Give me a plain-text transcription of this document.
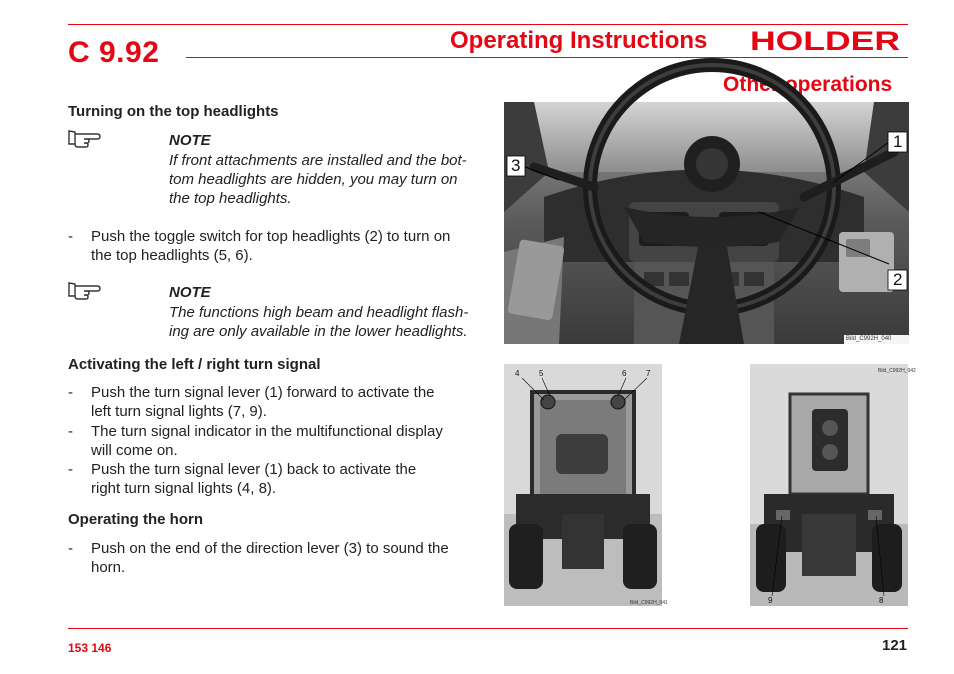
C 9.92	Operating Instructions HOLDER
Other operations
Turning on the top headlights
NOTE
If front attachments are installed and the bot-
tom headlights are hidden, you may turn on
the top headlights.
- Push the toggle switch for top headlights (2) to turn on
the top headlights (5, 6).
NOTE
The functions high beam and headlight flash-
ing are only available in the lower headlights.
Activating the left / right turn signal
- Push the turn signal lever (1) forward to activate the
left turn signal lights (7, 9).
- The turn signal indicator in the multifunctional display
will come on.
- Push the turn signal lever (1) back to activate the
right turn signal lights (4, 8).
Operating the horn
- Push on the end of the direction lever (3) to sound the
horn.
1
2
3
Bild_C992H_040
4 5	6 7
Bild_C992H_041	9	8
Bild_C992H_042
153 146	121
